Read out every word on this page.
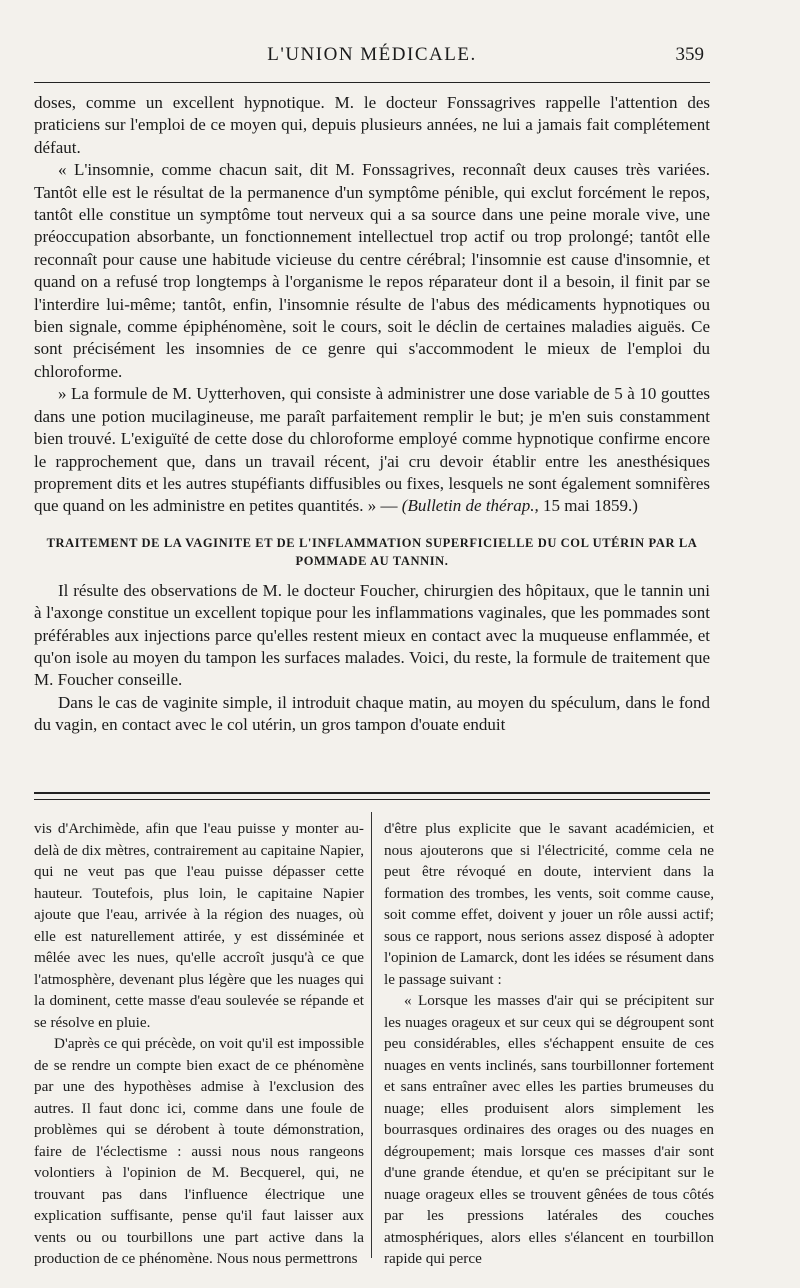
L'UNION MÉDICALE.	359

doses, comme un excellent hypnotique. M. le docteur Fonssagrives rappelle l'attention des praticiens sur l'emploi de ce moyen qui, depuis plusieurs années, ne lui a jamais fait complétement défaut.

« L'insomnie, comme chacun sait, dit M. Fonssagrives, reconnaît deux causes très variées. Tantôt elle est le résultat de la permanence d'un symptôme pénible, qui exclut forcément le repos, tantôt elle constitue un symptôme tout nerveux qui a sa source dans une peine morale vive, une préoccupation absorbante, un fonctionnement intellectuel trop actif ou trop prolongé; tantôt elle reconnaît pour cause une habitude vicieuse du centre cérébral; l'insomnie est cause d'insomnie, et quand on a refusé trop longtemps à l'organisme le repos réparateur dont il a besoin, il finit par se l'interdire lui-même; tantôt, enfin, l'insomnie résulte de l'abus des médicaments hypnotiques ou bien signale, comme épiphénomène, soit le cours, soit le déclin de certaines maladies aiguës. Ce sont précisément les insomnies de ce genre qui s'accommodent le mieux de l'emploi du chloroforme.

» La formule de M. Uytterhoven, qui consiste à administrer une dose variable de 5 à 10 gouttes dans une potion mucilagineuse, me paraît parfaitement remplir le but; je m'en suis constamment bien trouvé. L'exiguïté de cette dose du chloroforme employé comme hypnotique confirme encore le rapprochement que, dans un travail récent, j'ai cru devoir établir entre les anesthésiques proprement dits et les autres stupéfiants diffusibles ou fixes, lesquels ne sont également somnifères que quand on les administre en petites quantités. » — (Bulletin de thérap., 15 mai 1859.)

TRAITEMENT DE LA VAGINITE ET DE L'INFLAMMATION SUPERFICIELLE DU COL UTÉRIN PAR LA POMMADE AU TANNIN.

Il résulte des observations de M. le docteur Foucher, chirurgien des hôpitaux, que le tannin uni à l'axonge constitue un excellent topique pour les inflammations vaginales, que les pommades sont préférables aux injections parce qu'elles restent mieux en contact avec la muqueuse enflammée, et qu'on isole au moyen du tampon les surfaces malades. Voici, du reste, la formule de traitement que M. Foucher conseille.

Dans le cas de vaginite simple, il introduit chaque matin, au moyen du spéculum, dans le fond du vagin, en contact avec le col utérin, un gros tampon d'ouate enduit

vis d'Archimède, afin que l'eau puisse y monter au-delà de dix mètres, contrairement au capitaine Napier, qui ne veut pas que l'eau puisse dépasser cette hauteur. Toutefois, plus loin, le capitaine Napier ajoute que l'eau, arrivée à la région des nuages, où elle est naturellement attirée, y est disséminée et mêlée avec les nues, qu'elle accroît jusqu'à ce que l'atmosphère, devenant plus légère que les nuages qui la dominent, cette masse d'eau soulevée se répande et se résolve en pluie.

D'après ce qui précède, on voit qu'il est impossible de se rendre un compte bien exact de ce phénomène par une des hypothèses admise à l'exclusion des autres. Il faut donc ici, comme dans une foule de problèmes qui se dérobent à toute démonstration, faire de l'éclectisme : aussi nous nous rangeons volontiers à l'opinion de M. Becquerel, qui, ne trouvant pas dans l'influence électrique une explication suffisante, pense qu'il faut laisser aux vents ou ou tourbillons une part active dans la production de ce phénomène. Nous nous permettrons

d'être plus explicite que le savant académicien, et nous ajouterons que si l'électricité, comme cela ne peut être révoqué en doute, intervient dans la formation des trombes, les vents, soit comme cause, soit comme effet, doivent y jouer un rôle aussi actif; sous ce rapport, nous serions assez disposé à adopter l'opinion de Lamarck, dont les idées se résument dans le passage suivant :

« Lorsque les masses d'air qui se précipitent sur les nuages orageux et sur ceux qui se dégroupent sont peu considérables, elles s'échappent ensuite de ces nuages en vents inclinés, sans tourbillonner fortement et sans entraîner avec elles les parties brumeuses du nuage; elles produisent alors simplement les bourrasques ordinaires des orages ou des nuages en dégroupement; mais lorsque ces masses d'air sont d'une grande étendue, et qu'en se précipitant sur le nuage orageux elles se trouvent gênées de tous côtés par les pressions latérales des couches atmosphériques, alors elles s'élancent en tourbillon rapide qui perce
